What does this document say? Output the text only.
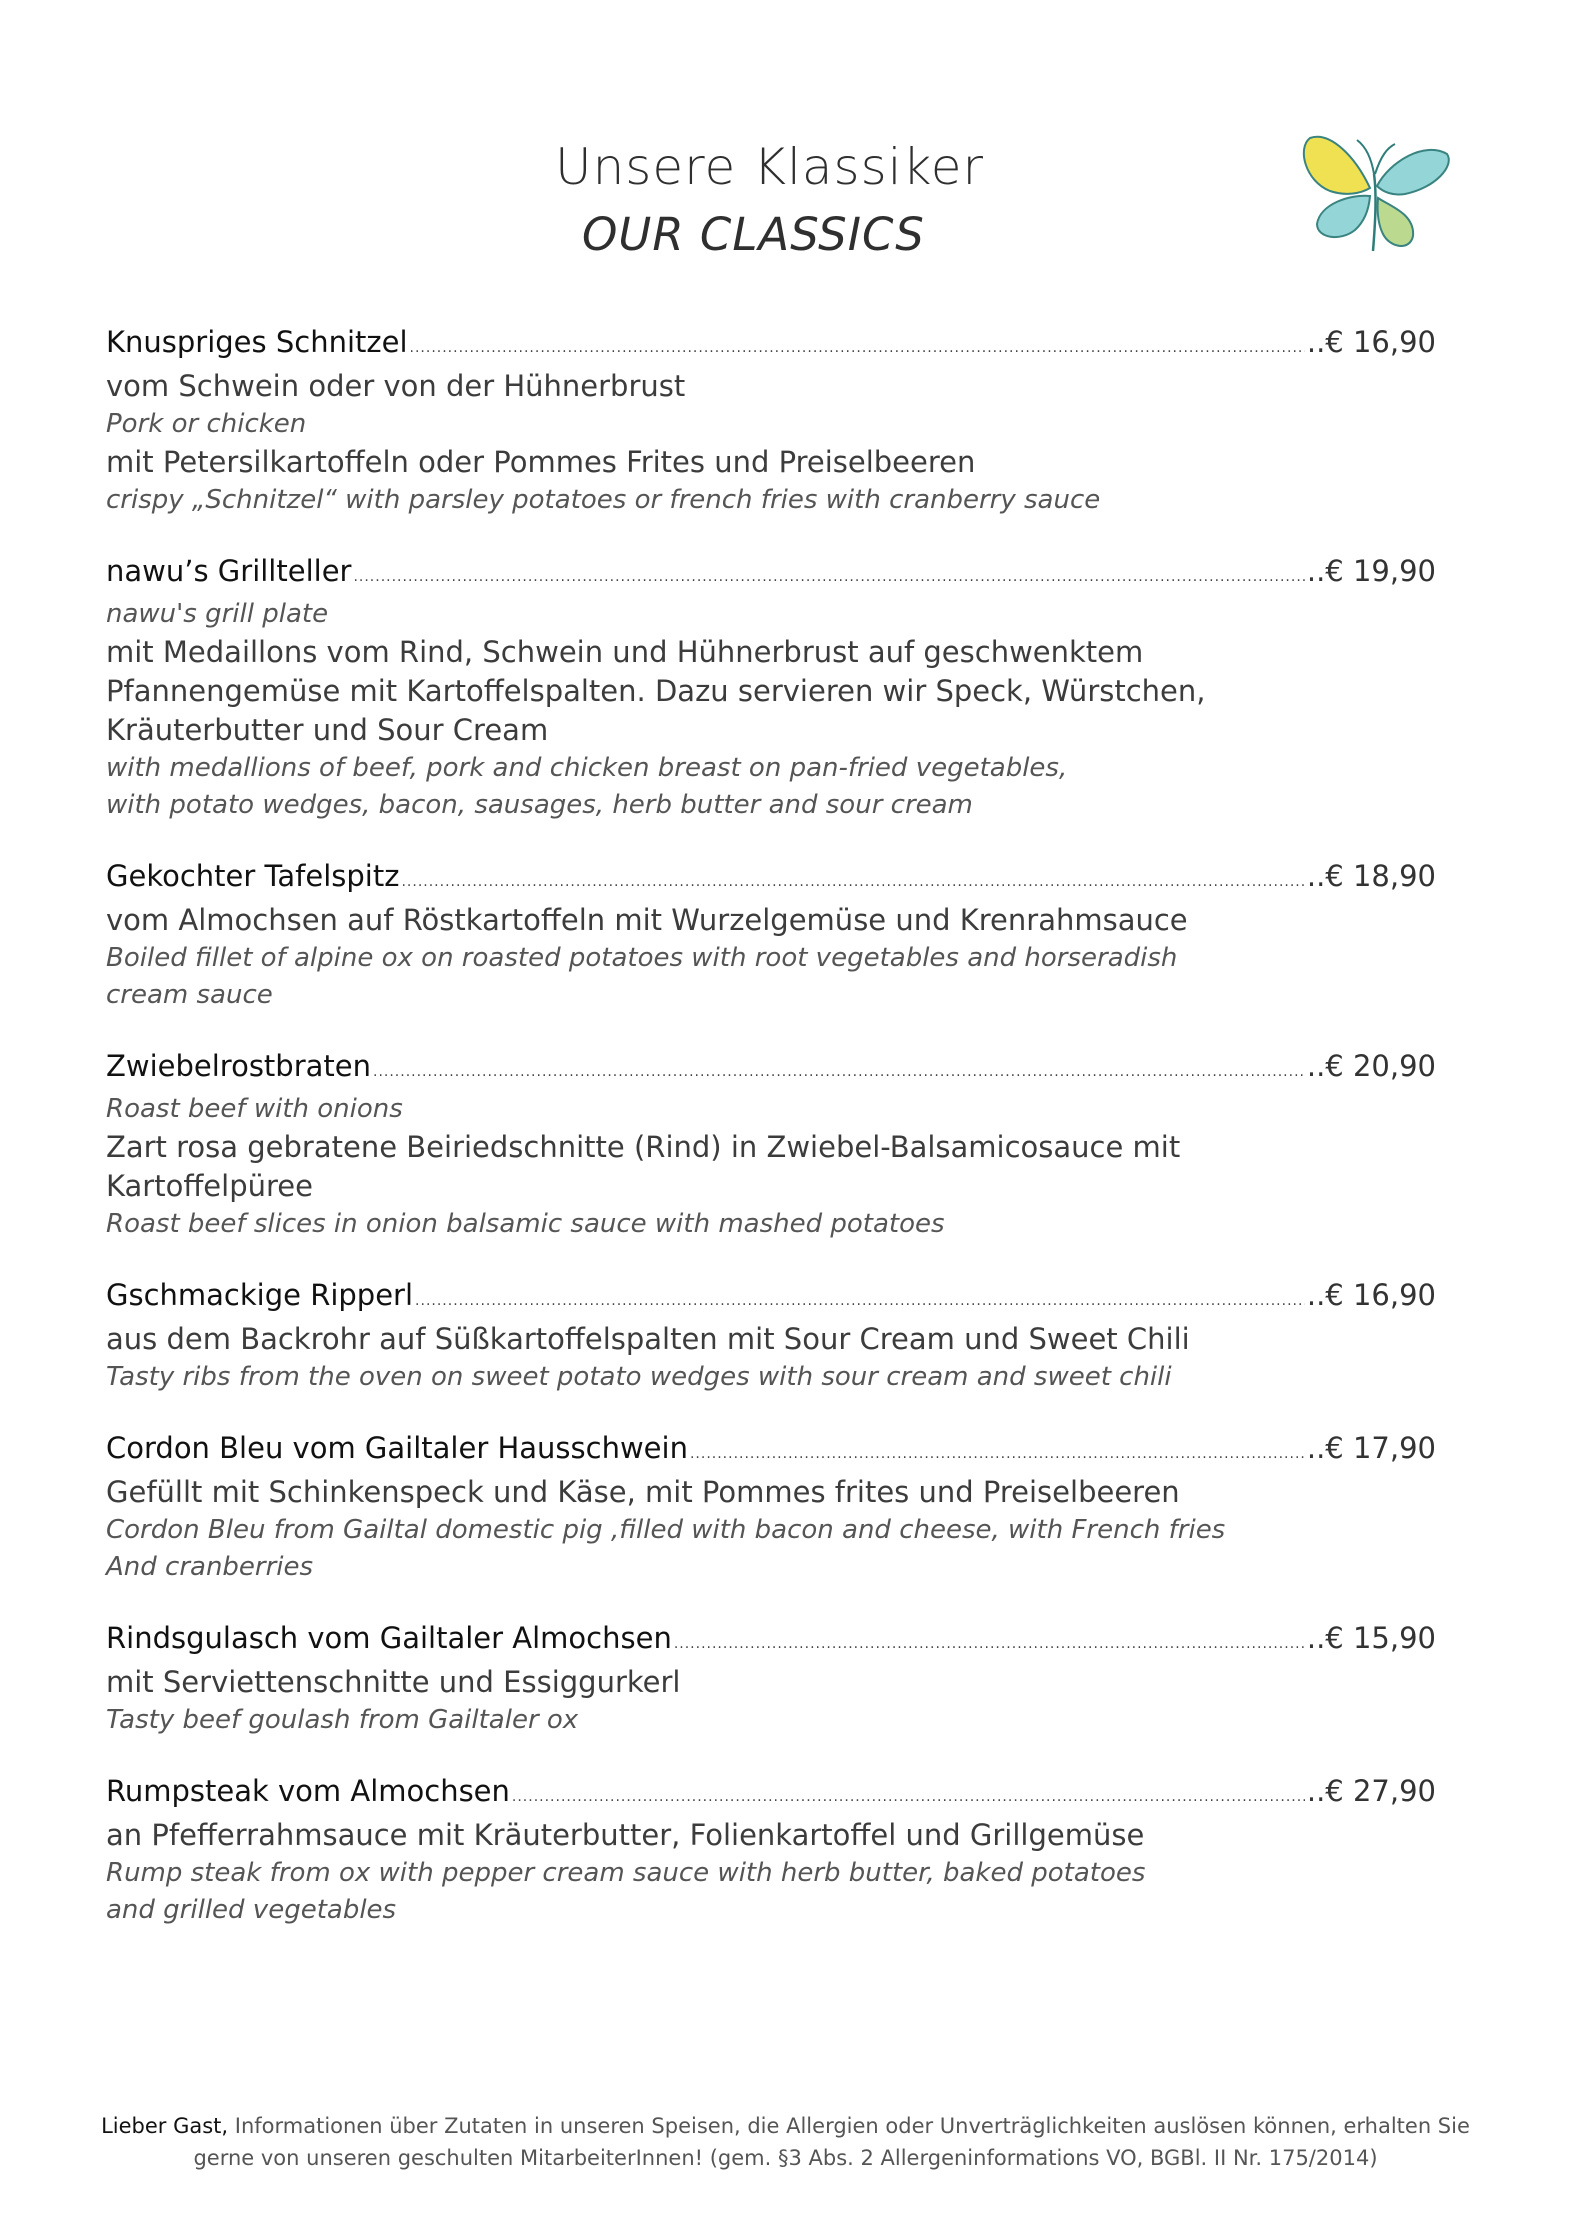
Unsere Klassiker
OUR CLASSICS
Knuspriges Schnitzel .....	..€ 16,90
vom Schwein oder von der Hühnerbrust
Pork or chicken
mit Petersilkartoffeln oder Pommes Frites und Preiselbeeren
crispy „Schnitzel“ with parsley potatoes or french fries with cranberry sauce
nawu’s Grillteller .....	..€ 19,90
nawu's grill plate
mit Medaillons vom Rind, Schwein und Hühnerbrust auf geschwenktem
Pfannengemüse mit Kartoffelspalten. Dazu servieren wir Speck, Würstchen,
Kräuterbutter und Sour Cream
with medallions of beef, pork and chicken breast on pan-fried vegetables,
with potato wedges, bacon, sausages, herb butter and sour cream
Gekochter Tafelspitz .....	..€ 18,90
vom Almochsen auf Röstkartoffeln mit Wurzelgemüse und Krenrahmsauce
Boiled fillet of alpine ox on roasted potatoes with root vegetables and horseradish
cream sauce
Zwiebelrostbraten .....	..€ 20,90
Roast beef with onions
Zart rosa gebratene Beiriedschnitte (Rind) in Zwiebel-Balsamicosauce mit
Kartoffelpüree
Roast beef slices in onion balsamic sauce with mashed potatoes
Gschmackige Ripperl .....	..€ 16,90
aus dem Backrohr auf Süßkartoffelspalten mit Sour Cream und Sweet Chili
Tasty ribs from the oven on sweet potato wedges with sour cream and sweet chili
Cordon Bleu vom Gailtaler Hausschwein .....	..€ 17,90
Gefüllt mit Schinkenspeck und Käse, mit Pommes frites und Preiselbeeren
Cordon Bleu from Gailtal domestic pig ,filled with bacon and cheese, with French fries
And cranberries
Rindsgulasch vom Gailtaler Almochsen .....	..€ 15,90
mit Serviettenschnitte und Essiggurkerl
Tasty beef goulash from Gailtaler ox
Rumpsteak vom Almochsen .....	..€ 27,90
an Pfefferrahmsauce mit Kräuterbutter, Folienkartoffel und Grillgemüse
Rump steak from ox with pepper cream sauce with herb butter, baked potatoes
and grilled vegetables
Lieber Gast, Informationen über Zutaten in unseren Speisen, die Allergien oder Unverträglichkeiten auslösen können, erhalten Sie
gerne von unseren geschulten MitarbeiterInnen! (gem. §3 Abs. 2 Allergeninformations VO, BGBl. II Nr. 175/2014)
